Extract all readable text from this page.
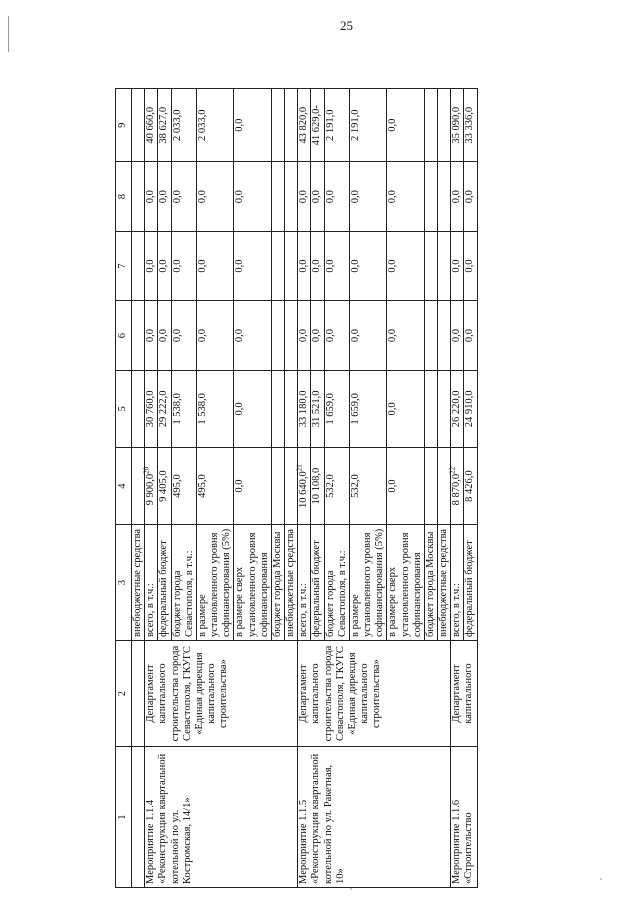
25
1	2	3	4	5	6	7	8	9
		внебюджетные средства						
Мероприятие 1.1.4 «Реконструкция квартальной котельной по ул. Костромская, 14/1»	Департамент капитального строительства города Севастополя, ГКУГС «Единая дирекция капитального строительства»	всего, в т.ч.:	9 900,0$^{20}$	30 760,0	0,0	0,0	0,0	40 660,0
		федеральный бюджет	9 405,0	29 222,0	0,0	0,0	0,0	38 627,0
		бюджет города Севастополя, в т.ч.:	495,0	1 538,0	0,0	0,0	0,0	2 033,0
		в размере установленного уровня софинансирования (5%)	495,0	1 538,0	0,0	0,0	0,0	2 033,0
		в размере сверх установленного уровня софинансирования	0,0	0,0	0,0	0,0	0,0	0,0
		бюджет города Москвы						
		внебюджетные средства						
Мероприятие 1.1.5 «Реконструкция квартальной котельной по ул. Ракетная, 10»	Департамент капитального строительства города Севастополя, ГКУГС «Единая дирекция капитального строительства»	всего, в т.ч.:	10 640,0$^{21}$	33 180,0	0,0	0,0	0,0	43 820,0
		федеральный бюджет	10 108,0	31 521,0	0,0	0,0	0,0	41 629,0-
		бюджет города Севастополя, в т.ч.:	532,0	1 659,0	0,0	0,0	0,0	2 191,0
		в размере установленного уровня софинансирования (5%)	532,0	1 659,0	0,0	0,0	0,0	2 191,0
		в размере сверх установленного уровня софинансирования	0,0	0,0	0,0	0,0	0,0	0,0
		бюджет города Москвы						
		внебюджетные средства						
Мероприятие 1.1.6 «Строительство	Департамент капитального	всего, в т.ч.:	8 870,0$^{22}$	26 220,0	0,0	0,0	0,0	35 090,0
		федеральный бюджет	8 426,0	24 910,0	0,0	0,0	0,0	33 336,0
